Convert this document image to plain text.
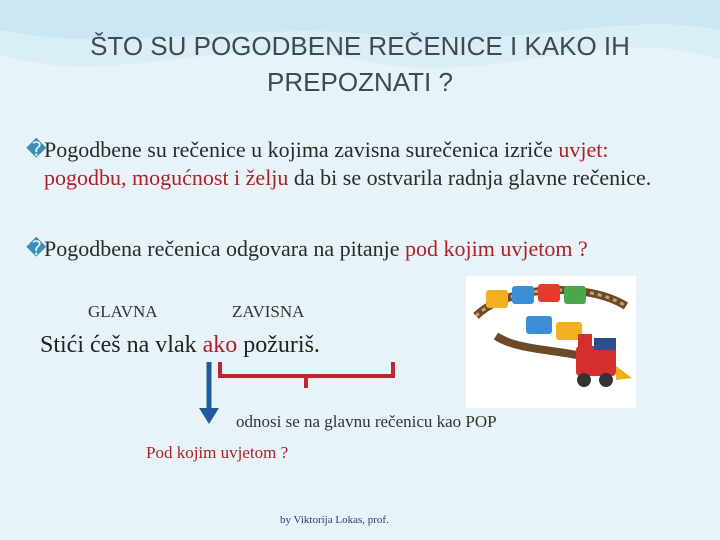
ŠTO SU POGODBENE REČENICE I KAKO IH
PREPOZNATI ?
�
Pogodbene su rečenice u kojima zavisna surečenica izriče uvjet: pogodbu, mogućnost i želju da bi se ostvarila radnja glavne rečenice.
�
Pogodbena rečenica odgovara na pitanje pod kojim uvjetom ?
GLAVNA	ZAVISNA
Stići ćeš na vlak ako požuriš.
odnosi se na glavnu rečenicu kao POP
Pod kojim uvjetom ?
by Viktorija Lokas, prof.
